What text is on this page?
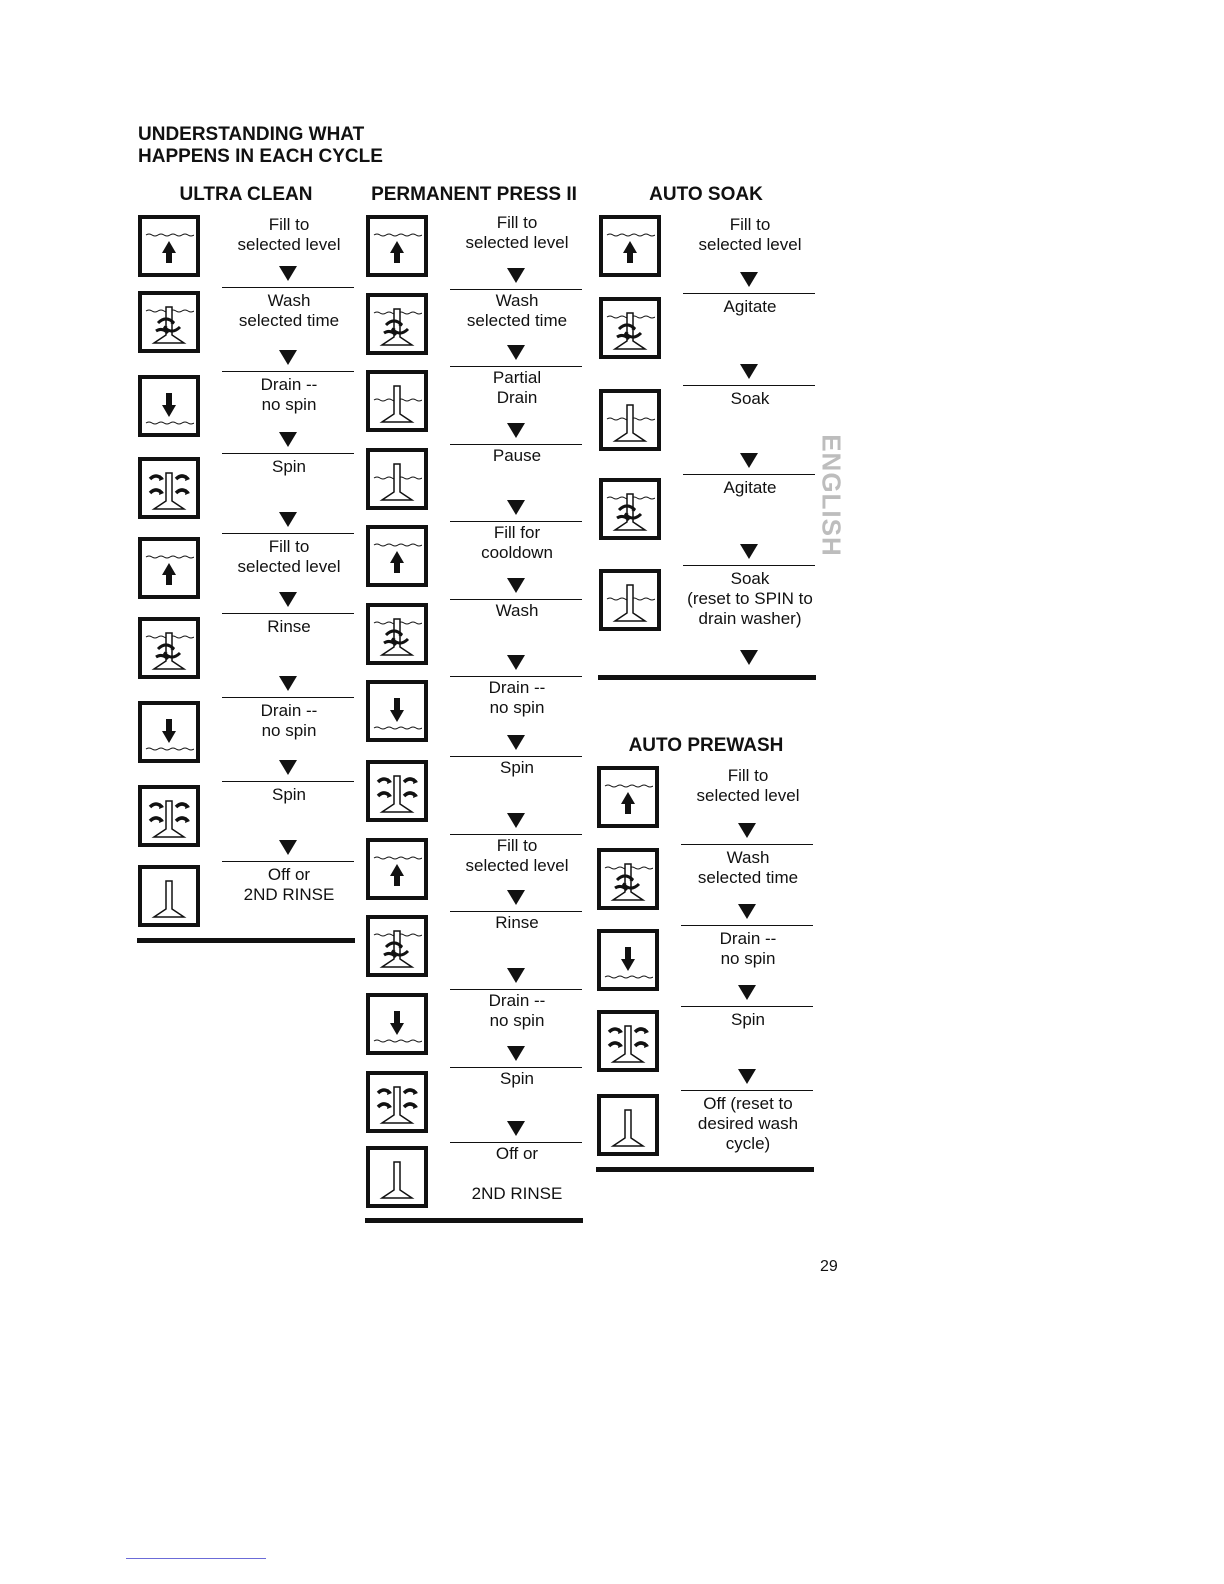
UNDERSTANDING WHAT
HAPPENS IN EACH CYCLE
ULTRA CLEAN	PERMANENT PRESS II	AUTO SOAK
AUTO PREWASH
Fill to
selected level
Wash
selected time
Drain --
no spin
Spin
Fill to
selected level
Rinse
Drain --
no spin
Spin
Off or
2ND RINSE
Fill to
selected level
Wash
selected time
Partial
Drain
Pause
Fill for
cooldown
Wash
Drain --
no spin
Spin
Fill to
selected level
Rinse
Drain --
no spin
Spin
Off or

2ND RINSE
Fill to
selected level
Agitate
Soak
Agitate
Soak
(reset to SPIN to
drain washer)
Fill to
selected level
Wash
selected time
Drain --
no spin
Spin
Off (reset to
desired wash
cycle)
ENGLISH
29
